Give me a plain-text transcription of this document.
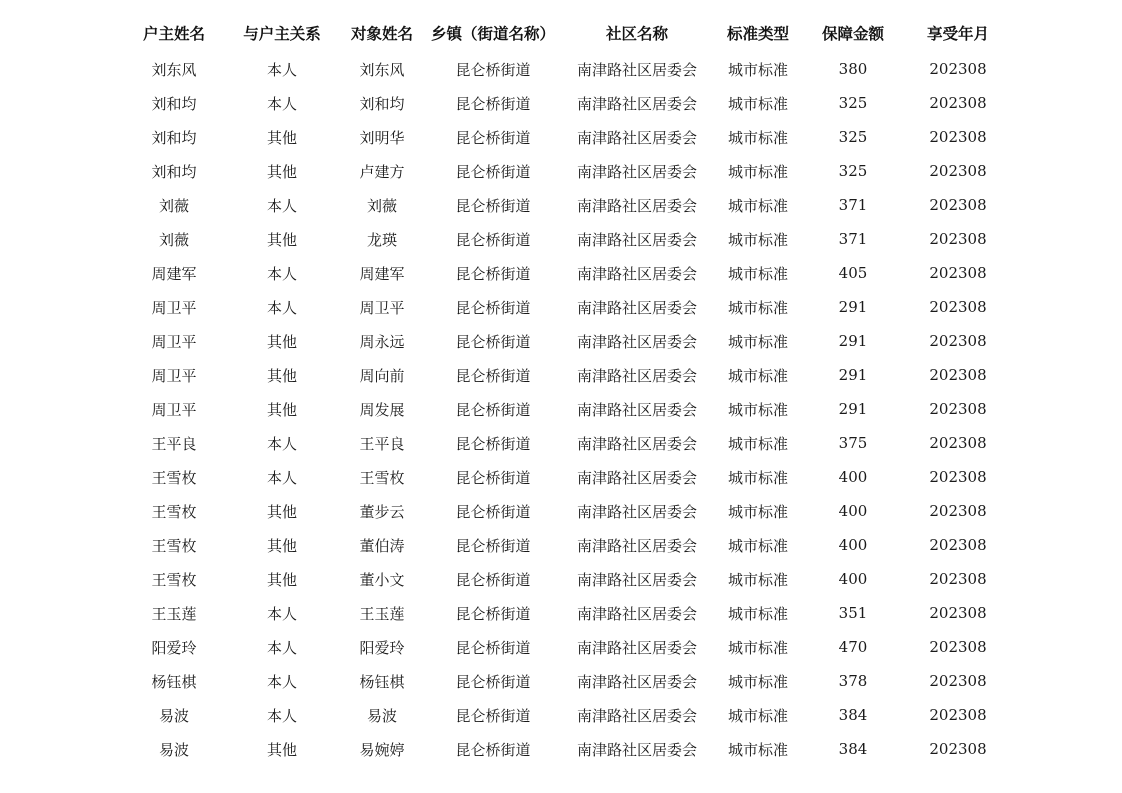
户主姓名	与户主关系	对象姓名	乡镇（街道名称）	社区名称	标准类型	保障金额	享受年月
刘东风	本人	刘东风	昆仑桥街道	南津路社区居委会	城市标准	380	202308
刘和均	本人	刘和均	昆仑桥街道	南津路社区居委会	城市标准	325	202308
刘和均	其他	刘明华	昆仑桥街道	南津路社区居委会	城市标准	325	202308
刘和均	其他	卢建方	昆仑桥街道	南津路社区居委会	城市标准	325	202308
刘薇	本人	刘薇	昆仑桥街道	南津路社区居委会	城市标准	371	202308
刘薇	其他	龙瑛	昆仑桥街道	南津路社区居委会	城市标准	371	202308
周建军	本人	周建军	昆仑桥街道	南津路社区居委会	城市标准	405	202308
周卫平	本人	周卫平	昆仑桥街道	南津路社区居委会	城市标准	291	202308
周卫平	其他	周永远	昆仑桥街道	南津路社区居委会	城市标准	291	202308
周卫平	其他	周向前	昆仑桥街道	南津路社区居委会	城市标准	291	202308
周卫平	其他	周发展	昆仑桥街道	南津路社区居委会	城市标准	291	202308
王平良	本人	王平良	昆仑桥街道	南津路社区居委会	城市标准	375	202308
王雪枚	本人	王雪枚	昆仑桥街道	南津路社区居委会	城市标准	400	202308
王雪枚	其他	董步云	昆仑桥街道	南津路社区居委会	城市标准	400	202308
王雪枚	其他	董伯涛	昆仑桥街道	南津路社区居委会	城市标准	400	202308
王雪枚	其他	董小文	昆仑桥街道	南津路社区居委会	城市标准	400	202308
王玉莲	本人	王玉莲	昆仑桥街道	南津路社区居委会	城市标准	351	202308
阳爱玲	本人	阳爱玲	昆仑桥街道	南津路社区居委会	城市标准	470	202308
杨钰棋	本人	杨钰棋	昆仑桥街道	南津路社区居委会	城市标准	378	202308
易波	本人	易波	昆仑桥街道	南津路社区居委会	城市标准	384	202308
易波	其他	易婉婷	昆仑桥街道	南津路社区居委会	城市标准	384	202308
